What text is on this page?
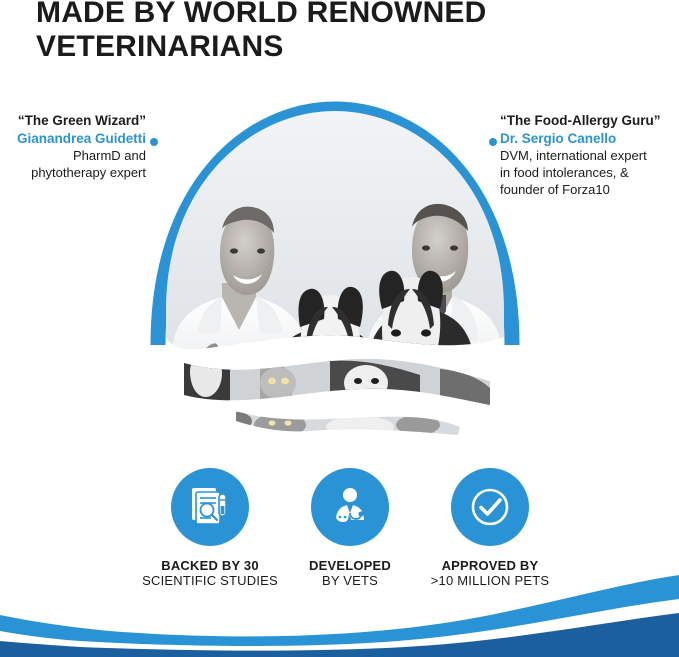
MADE BY WORLD RENOWNED
VETERINARIANS
“The Green Wizard”
Gianandrea Guidetti
PharmD and
phytotherapy expert
“The Food-Allergy Guru”
Dr. Sergio Canello
DVM, international expert
in food intolerances, &
founder of Forza10
BACKED BY 30
SCIENTIFIC STUDIES
DEVELOPED
BY VETS
APPROVED BY
>10 MILLION PETS
